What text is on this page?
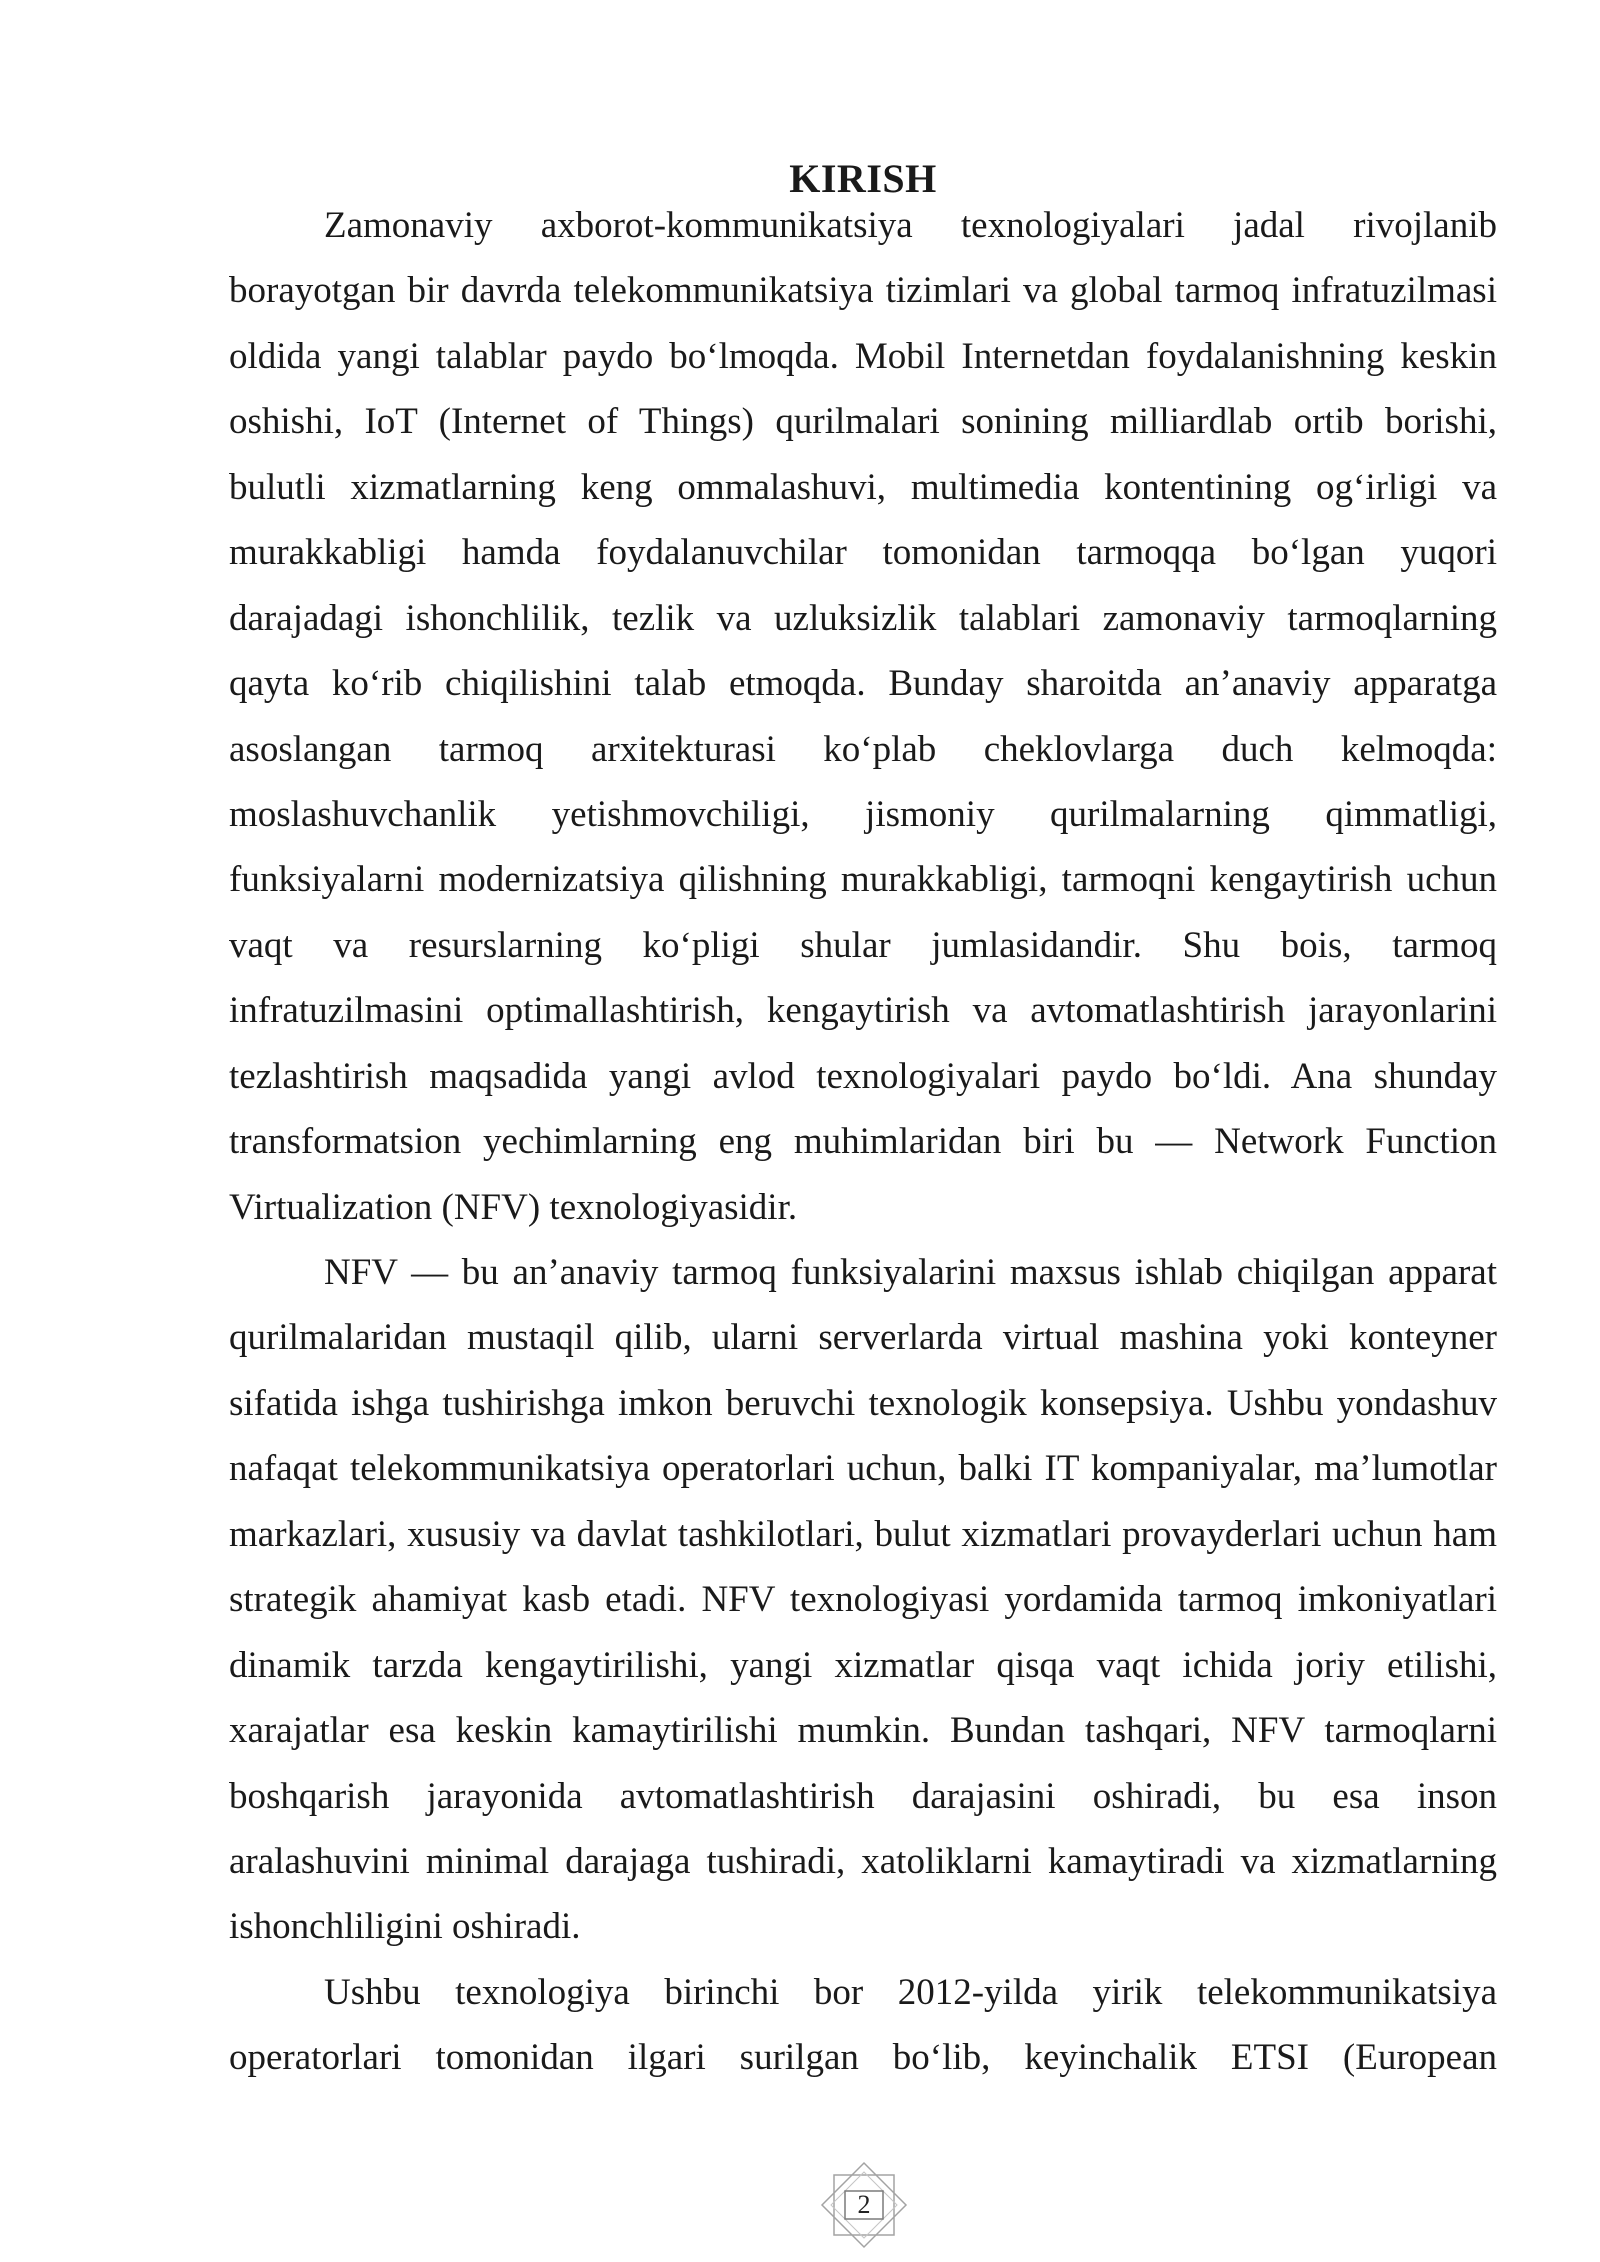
KIRISH
Zamonaviy axborot-kommunikatsiya texnologiyalari jadal rivojlanib
borayotgan bir davrda telekommunikatsiya tizimlari va global tarmoq infratuzilmasi
oldida yangi talablar paydo bo‘lmoqda. Mobil Internetdan foydalanishning keskin
oshishi, IoT (Internet of Things) qurilmalari sonining milliardlab ortib borishi,
bulutli xizmatlarning keng ommalashuvi, multimedia kontentining og‘irligi va
murakkabligi hamda foydalanuvchilar tomonidan tarmoqqa bo‘lgan yuqori
darajadagi ishonchlilik, tezlik va uzluksizlik talablari zamonaviy tarmoqlarning
qayta ko‘rib chiqilishini talab etmoqda. Bunday sharoitda an’anaviy apparatga
asoslangan tarmoq arxitekturasi ko‘plab cheklovlarga duch kelmoqda:
moslashuvchanlik yetishmovchiligi, jismoniy qurilmalarning qimmatligi,
funksiyalarni modernizatsiya qilishning murakkabligi, tarmoqni kengaytirish uchun
vaqt va resurslarning ko‘pligi shular jumlasidandir. Shu bois, tarmoq
infratuzilmasini optimallashtirish, kengaytirish va avtomatlashtirish jarayonlarini
tezlashtirish maqsadida yangi avlod texnologiyalari paydo bo‘ldi. Ana shunday
transformatsion yechimlarning eng muhimlaridan biri bu — Network Function
Virtualization (NFV) texnologiyasidir.
NFV — bu an’anaviy tarmoq funksiyalarini maxsus ishlab chiqilgan apparat
qurilmalaridan mustaqil qilib, ularni serverlarda virtual mashina yoki konteyner
sifatida ishga tushirishga imkon beruvchi texnologik konsepsiya. Ushbu yondashuv
nafaqat telekommunikatsiya operatorlari uchun, balki IT kompaniyalar, ma’lumotlar
markazlari, xususiy va davlat tashkilotlari, bulut xizmatlari provayderlari uchun ham
strategik ahamiyat kasb etadi. NFV texnologiyasi yordamida tarmoq imkoniyatlari
dinamik tarzda kengaytirilishi, yangi xizmatlar qisqa vaqt ichida joriy etilishi,
xarajatlar esa keskin kamaytirilishi mumkin. Bundan tashqari, NFV tarmoqlarni
boshqarish jarayonida avtomatlashtirish darajasini oshiradi, bu esa inson
aralashuvini minimal darajaga tushiradi, xatoliklarni kamaytiradi va xizmatlarning
ishonchliligini oshiradi.
Ushbu texnologiya birinchi bor 2012-yilda yirik telekommunikatsiya
operatorlari tomonidan ilgari surilgan bo‘lib, keyinchalik ETSI (European
2
